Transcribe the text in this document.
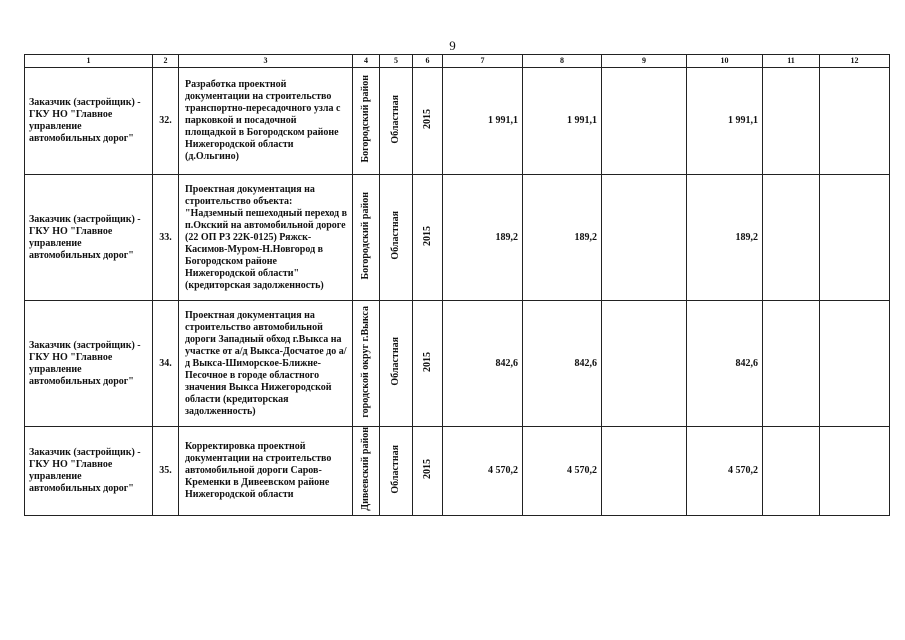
9
1	2	3	4	5	6	7	8	9	10	11	12
Заказчик (застройщик) - ГКУ НО "Главное управление автомобильных дорог"	32.	Разработка проектной документации на строительство транспортно-пересадочного узла с парковкой и посадочной площадкой в Богородском районе Нижегородской области (д.Ольгино)	Богородский район	Областная	2015	1 991,1	1 991,1		1 991,1		
Заказчик (застройщик) - ГКУ НО "Главное управление автомобильных дорог"	33.	Проектная документация на строительство объекта: "Надземный пешеходный переход в п.Окский на автомобильной дороге (22 ОП РЗ 22К-0125) Ряжск-Касимов-Муром-Н.Новгород в Богородском районе Нижегородской области" (кредиторская задолженность)	Богородский район	Областная	2015	189,2	189,2		189,2		
Заказчик (застройщик) - ГКУ НО "Главное управление автомобильных дорог"	34.	Проектная документация на строительство автомобильной дороги Западный обход г.Выкса на участке от а/д Выкса-Досчатое до а/д Выкса-Шиморское-Ближне-Песочное в городе областного значения Выкса Нижегородской области (кредиторская задолженность)	городской округ г.Выкса	Областная	2015	842,6	842,6		842,6		
Заказчик (застройщик) - ГКУ НО "Главное управление автомобильных дорог"	35.	Корректировка проектной документации на строительство автомобильной дороги Саров-Кременки в Дивеевском районе Нижегородской области	Дивеевский район	Областная	2015	4 570,2	4 570,2		4 570,2		
